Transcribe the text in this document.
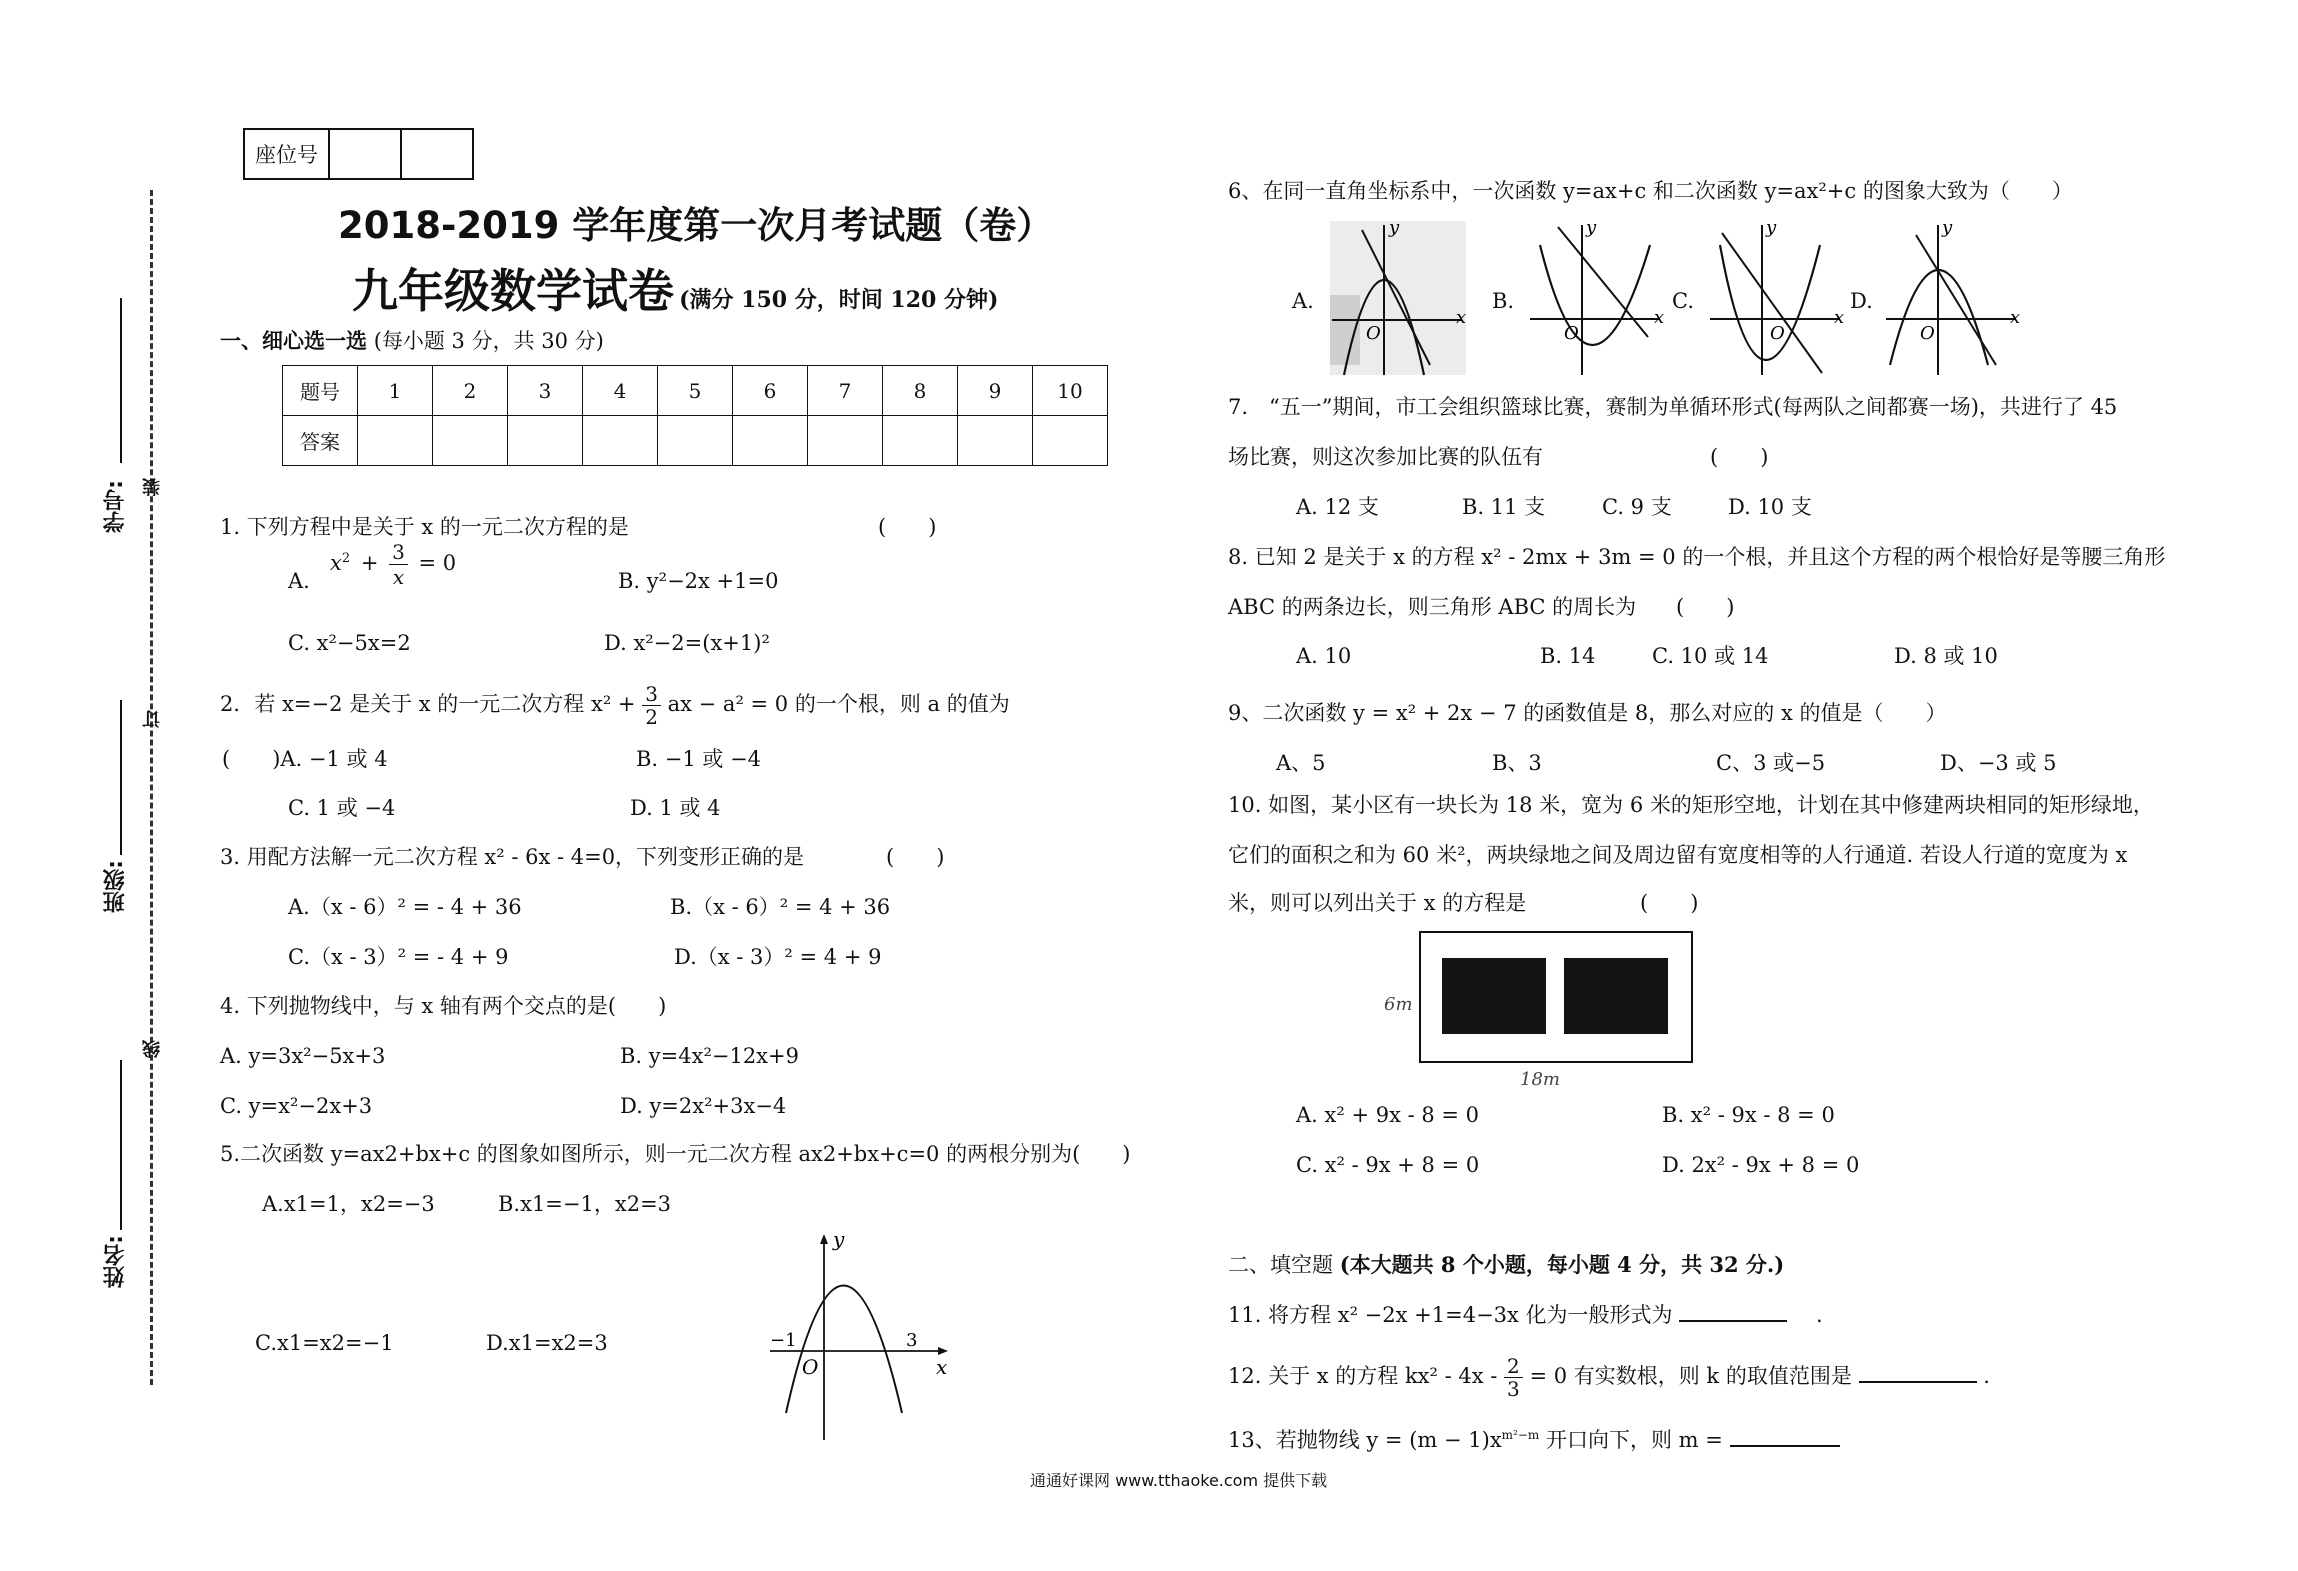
座位号		
学号:
班级:
姓名:
装
订
线
2018-2019 学年度第一次月考试题（卷）
九年级数学试卷 (满分 150 分，时间 120 分钟)
一、细心选一选 (每小题 3 分，共 30 分)
题号	1	2	3	4	5	6	7	8	9	10
答案										
1. 下列方程中是关于 x 的一元二次方程的是	(　　)
A.
$x^2 + \frac{3}{x} = 0$
B. y²−2x +1=0
C. x²−5x=2	D. x²−2=(x+1)²
2．若 x=−2 是关于 x 的一元二次方程 $x^2 + \frac{3}{2}$ ax − a² = 0 的一个根，则 a 的值为
(　　)A. −1 或 4	B. −1 或 −4
C. 1 或 −4	D. 1 或 4
3. 用配方法解一元二次方程 x² - 6x - 4=0，下列变形正确的是	(　　)
A.（x - 6）² = - 4 + 36	B.（x - 6）² = 4 + 36
C.（x - 3）² = - 4 + 9	D.（x - 3）² = 4 + 9
4. 下列抛物线中，与 x 轴有两个交点的是(　　)
A. y=3x²−5x+3	B. y=4x²−12x+9
C. y=x²−2x+3	D. y=2x²+3x−4
5.二次函数 y=ax2+bx+c 的图象如图所示，则一元二次方程 ax2+bx+c=0 的两根分别为(　　)
A.x1=1，x2=−3	B.x1=−1，x2=3
C.x1=x2=−1	D.x1=x2=3
y
x
O
−1	3
6、在同一直角坐标系中，一次函数 y=ax+c 和二次函数 y=ax²+c 的图象大致为（　　）
A.
y
x
O
B.
y
x
O
C.
y
x
O
D.
y
x
O
7.　“五一”期间，市工会组织篮球比赛，赛制为单循环形式(每两队之间都赛一场)，共进行了 45
场比赛，则这次参加比赛的队伍有	(　　)
A. 12 支	B. 11 支	C. 9 支	D. 10 支
8. 已知 2 是关于 x 的方程 x² - 2mx + 3m = 0 的一个根，并且这个方程的两个根恰好是等腰三角形
ABC 的两条边长，则三角形 ABC 的周长为 (　　)
A. 10	B. 14	C. 10 或 14	D. 8 或 10
9、二次函数 y = x² + 2x − 7 的函数值是 8，那么对应的 x 的值是（　　）
A、5	B、3	C、3 或−5	D、−3 或 5
10. 如图，某小区有一块长为 18 米，宽为 6 米的矩形空地，计划在其中修建两块相同的矩形绿地，
它们的面积之和为 60 米²，两块绿地之间及周边留有宽度相等的人行通道. 若设人行道的宽度为 x
米，则可以列出关于 x 的方程是	(　　)
6m
18m
A. x² + 9x - 8 = 0	B. x² - 9x - 8 = 0
C. x² - 9x + 8 = 0	D. 2x² - 9x + 8 = 0
二、填空题 (本大题共 8 个小题，每小题 4 分，共 32 分.)
11. 将方程 x² −2x +1=4−3x 化为一般形式为	.
12. 关于 x 的方程 $kx^2 - 4x - \frac{2}{3} = 0$ 有实数根，则 k 的取值范围是	.
13、若抛物线 $y = (m - 1)x^{m^2-m}$ 开口向下，则 m =
通通好课网 www.tthaoke.com 提供下载
